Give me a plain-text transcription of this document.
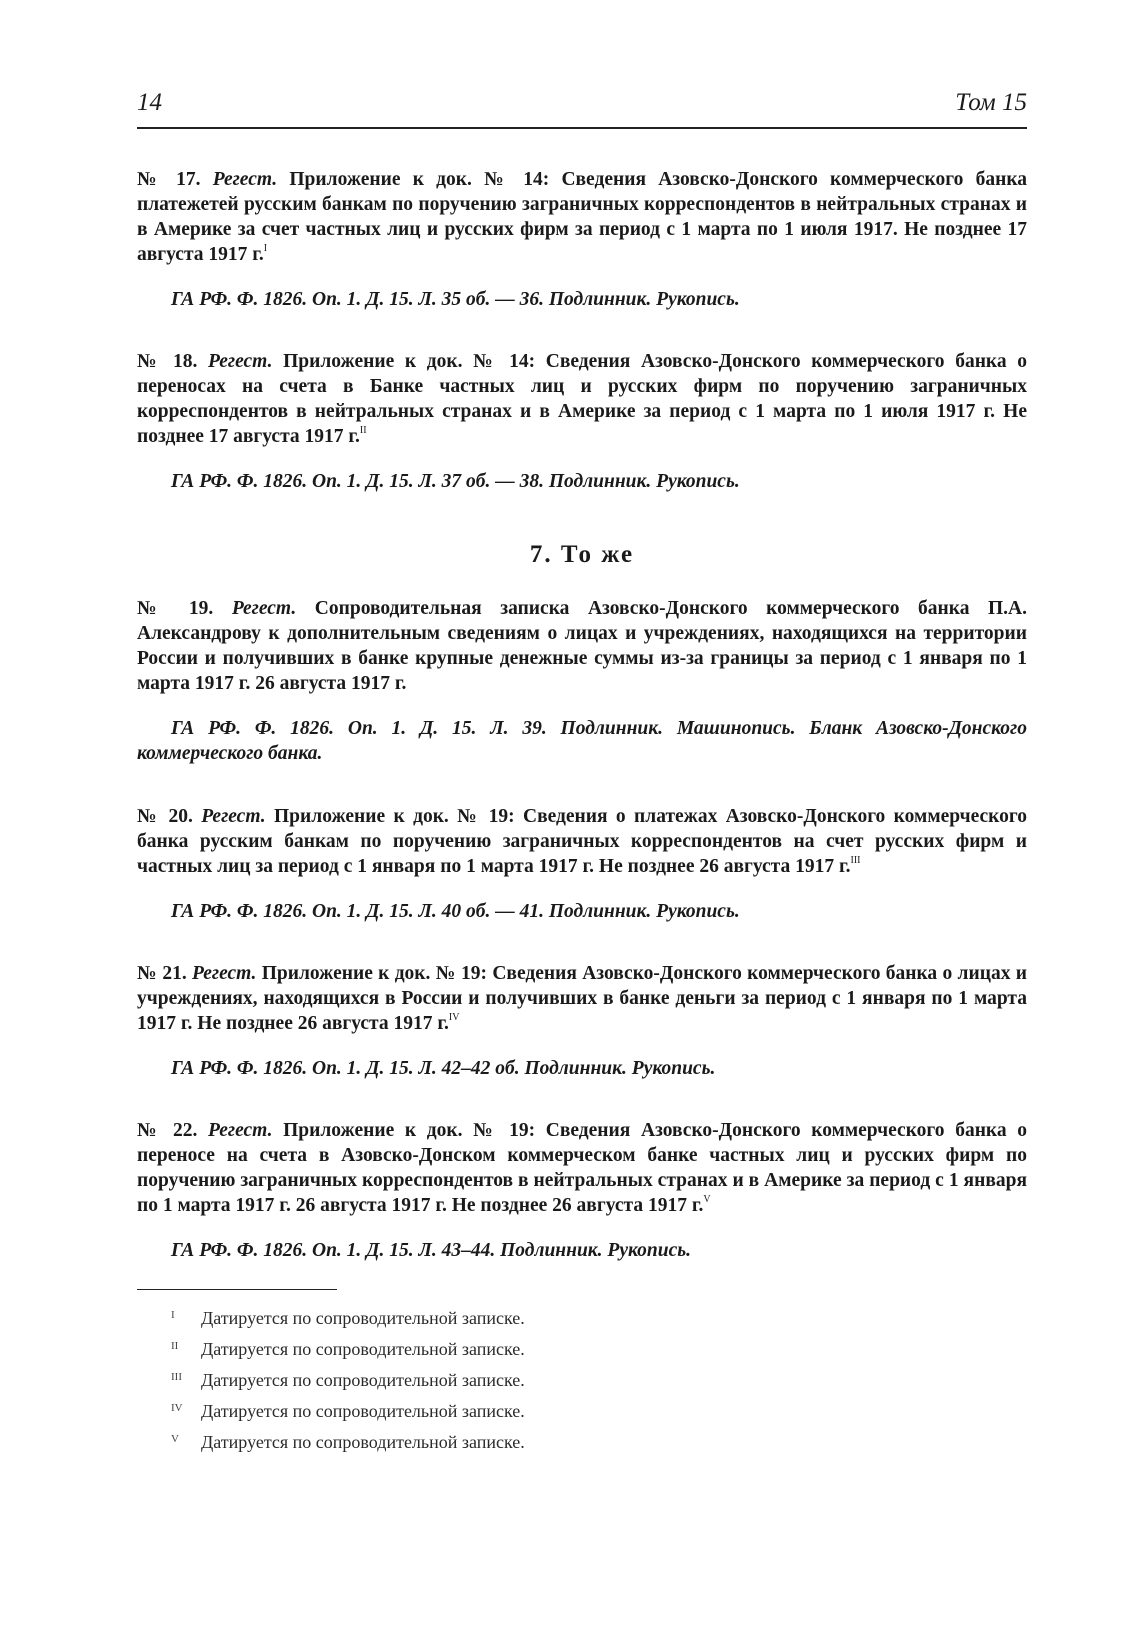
14	Том 15

№ 17. Регест. Приложение к док. № 14: Сведения Азовско-Донского коммерческого банка платежетей русским банкам по поручению заграничных корреспондентов в нейтральных странах и в Америке за счет частных лиц и русских фирм за период с 1 марта по 1 июля 1917. Не позднее 17 августа 1917 г.$^I$

ГА РФ. Ф. 1826. Оп. 1. Д. 15. Л. 35 об. — 36. Подлинник. Рукопись.

№ 18. Регест. Приложение к док. № 14: Сведения Азовско-Донского коммерческого банка о переносах на счета в Банке частных лиц и русских фирм по поручению заграничных корреспондентов в нейтральных странах и в Америке за период с 1 марта по 1 июля 1917 г. Не позднее 17 августа 1917 г.$^{II}$

ГА РФ. Ф. 1826. Оп. 1. Д. 15. Л. 37 об. — 38. Подлинник. Рукопись.

7. То же

№ 19. Регест. Сопроводительная записка Азовско-Донского коммерческого банка П.А. Александрову к дополнительным сведениям о лицах и учреждениях, находящихся на территории России и получивших в банке крупные денежные суммы из-за границы за период с 1 января по 1 марта 1917 г. 26 августа 1917 г.

ГА РФ. Ф. 1826. Оп. 1. Д. 15. Л. 39. Подлинник. Машинопись. Бланк Азовско-Донского коммерческого банка.

№ 20. Регест. Приложение к док. № 19: Сведения о платежах Азовско-Донского коммерческого банка русским банкам по поручению заграничных корреспондентов на счет русских фирм и частных лиц за период с 1 января по 1 марта 1917 г. Не позднее 26 августа 1917 г.$^{III}$

ГА РФ. Ф. 1826. Оп. 1. Д. 15. Л. 40 об. — 41. Подлинник. Рукопись.

№ 21. Регест. Приложение к док. № 19: Сведения Азовско-Донского коммерческого банка о лицах и учреждениях, находящихся в России и получивших в банке деньги за период с 1 января по 1 марта 1917 г. Не позднее 26 августа 1917 г.$^{IV}$

ГА РФ. Ф. 1826. Оп. 1. Д. 15. Л. 42–42 об. Подлинник. Рукопись.

№ 22. Регест. Приложение к док. № 19: Сведения Азовско-Донского коммерческого банка о переносе на счета в Азовско-Донском коммерческом банке частных лиц и русских фирм по поручению заграничных корреспондентов в нейтральных странах и в Америке за период с 1 января по 1 марта 1917 г. 26 августа 1917 г. Не позднее 26 августа 1917 г.$^V$

ГА РФ. Ф. 1826. Оп. 1. Д. 15. Л. 43–44. Подлинник. Рукопись.

I	Датируется по сопроводительной записке.
II	Датируется по сопроводительной записке.
III	Датируется по сопроводительной записке.
IV	Датируется по сопроводительной записке.
V	Датируется по сопроводительной записке.
